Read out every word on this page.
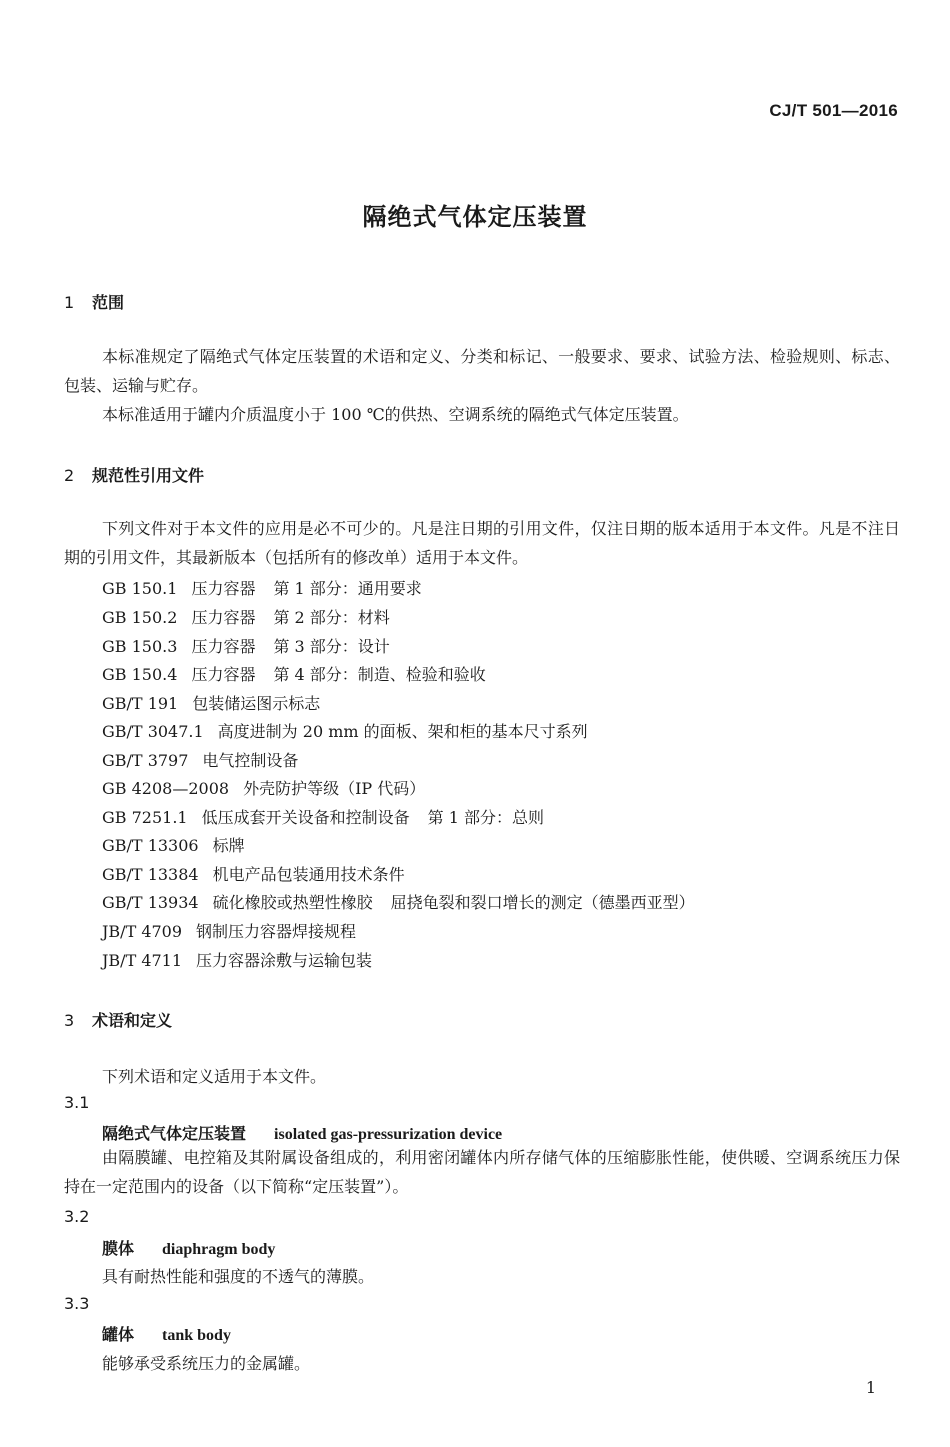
CJ/T 501—2016
隔绝式气体定压装置
1 范围
本标准规定了隔绝式气体定压装置的术语和定义、分类和标记、一般要求、要求、试验方法、检验规则、标志、包装、运输与贮存。
本标准适用于罐内介质温度小于 100 ℃的供热、空调系统的隔绝式气体定压装置。
2 规范性引用文件
下列文件对于本文件的应用是必不可少的。凡是注日期的引用文件，仅注日期的版本适用于本文件。凡是不注日期的引用文件，其最新版本（包括所有的修改单）适用于本文件。
GB 150.1 压力容器 第 1 部分：通用要求
GB 150.2 压力容器 第 2 部分：材料
GB 150.3 压力容器 第 3 部分：设计
GB 150.4 压力容器 第 4 部分：制造、检验和验收
GB/T 191 包装储运图示标志
GB/T 3047.1 高度进制为 20 mm 的面板、架和柜的基本尺寸系列
GB/T 3797 电气控制设备
GB 4208—2008 外壳防护等级（IP 代码）
GB 7251.1 低压成套开关设备和控制设备 第 1 部分：总则
GB/T 13306 标牌
GB/T 13384 机电产品包装通用技术条件
GB/T 13934 硫化橡胶或热塑性橡胶 屈挠龟裂和裂口增长的测定（德墨西亚型）
JB/T 4709 钢制压力容器焊接规程
JB/T 4711 压力容器涂敷与运输包装
3 术语和定义
下列术语和定义适用于本文件。
3.1
隔绝式气体定压装置 isolated gas-pressurization device
由隔膜罐、电控箱及其附属设备组成的，利用密闭罐体内所存储气体的压缩膨胀性能，使供暖、空调系统压力保持在一定范围内的设备（以下简称“定压装置”）。
3.2
膜体 diaphragm body
具有耐热性能和强度的不透气的薄膜。
3.3
罐体 tank body
能够承受系统压力的金属罐。
1
